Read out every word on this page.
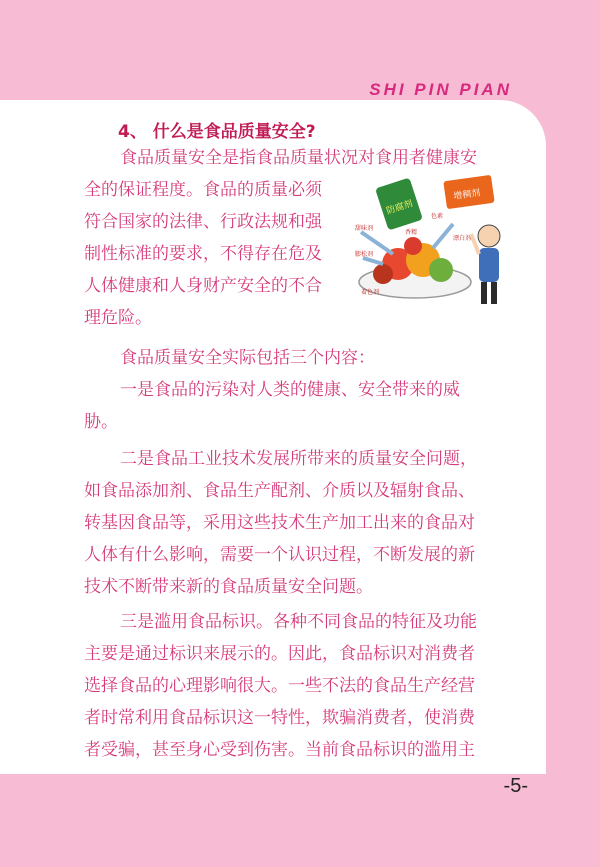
SHI PIN PIAN
4、 什么是食品质量安全?
食品质量安全是指食品质量状况对食用者健康安
全的保证程度。食品的质量必须
符合国家的法律、行政法规和强
制性标准的要求，不得存在危及
人体健康和人身财产安全的不合
理危险。
防腐剂
增稠剂
香精
色素
甜味剂
膨松剂
漂白剂
着色剂
食品质量安全实际包括三个内容：
一是食品的污染对人类的健康、安全带来的威
胁。
二是食品工业技术发展所带来的质量安全问题，
如食品添加剂、食品生产配剂、介质以及辐射食品、
转基因食品等，采用这些技术生产加工出来的食品对
人体有什么影响，需要一个认识过程，不断发展的新
技术不断带来新的食品质量安全问题。
三是滥用食品标识。各种不同食品的特征及功能
主要是通过标识来展示的。因此，食品标识对消费者
选择食品的心理影响很大。一些不法的食品生产经营
者时常利用食品标识这一特性，欺骗消费者，使消费
者受骗，甚至身心受到伤害。当前食品标识的滥用主
-5-
